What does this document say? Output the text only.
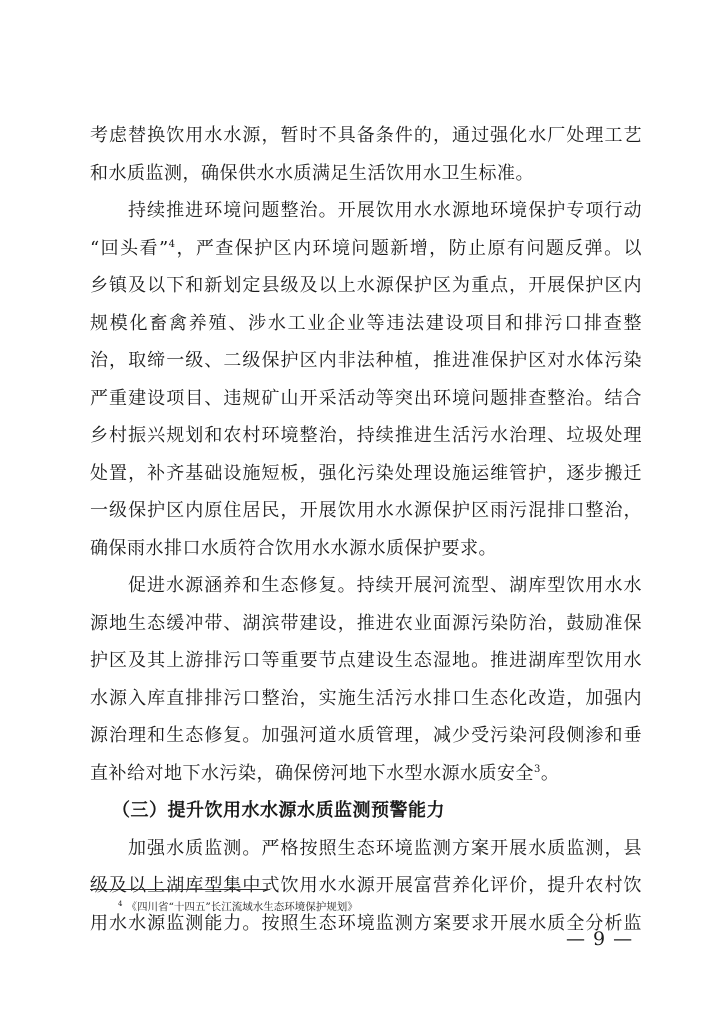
考虑替换饮用水水源，暂时不具备条件的，通过强化水厂处理工艺
和水质监测，确保供水水质满足生活饮用水卫生标准。
持续推进环境问题整治。开展饮用水水源地环境保护专项行动
“回头看”$^4$，严查保护区内环境问题新增，防止原有问题反弹。以
乡镇及以下和新划定县级及以上水源保护区为重点，开展保护区内
规模化畜禽养殖、涉水工业企业等违法建设项目和排污口排查整
治，取缔一级、二级保护区内非法种植，推进准保护区对水体污染
严重建设项目、违规矿山开采活动等突出环境问题排查整治。结合
乡村振兴规划和农村环境整治，持续推进生活污水治理、垃圾处理
处置，补齐基础设施短板，强化污染处理设施运维管护，逐步搬迁
一级保护区内原住居民，开展饮用水水源保护区雨污混排口整治，
确保雨水排口水质符合饮用水水源水质保护要求。
促进水源涵养和生态修复。持续开展河流型、湖库型饮用水水
源地生态缓冲带、湖滨带建设，推进农业面源污染防治，鼓励准保
护区及其上游排污口等重要节点建设生态湿地。推进湖库型饮用水
水源入库直排排污口整治，实施生活污水排口生态化改造，加强内
源治理和生态修复。加强河道水质管理，减少受污染河段侧渗和垂
直补给对地下水污染，确保傍河地下水型水源水质安全$^3$。
（三）提升饮用水水源水质监测预警能力
加强水质监测。严格按照生态环境监测方案开展水质监测，县
级及以上湖库型集中式饮用水水源开展富营养化评价，提升农村饮
用水水源监测能力。按照生态环境监测方案要求开展水质全分析监
$^4$ 《四川省“十四五”长江流域水生态环境保护规划》
— 9 —
